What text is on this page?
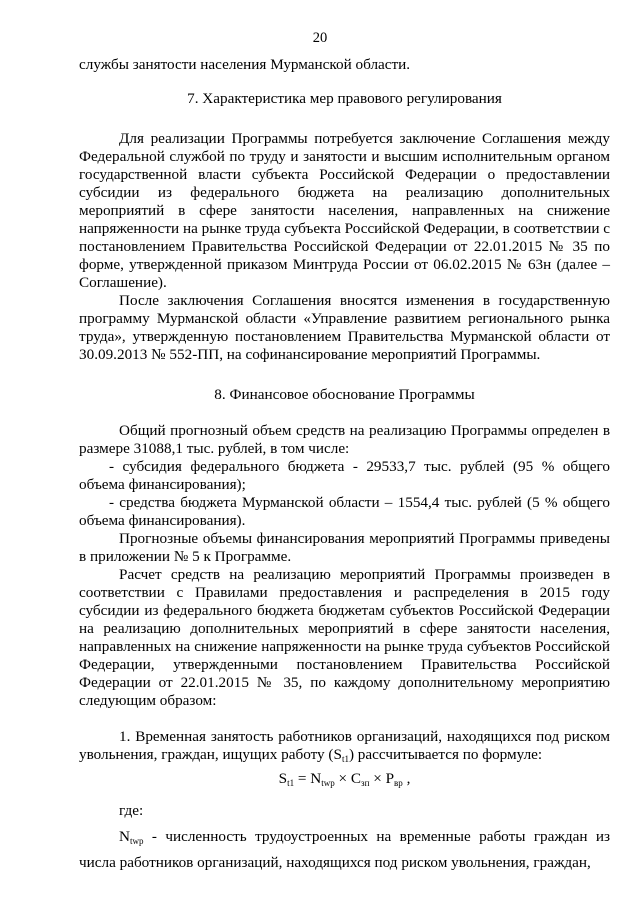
20

службы занятости населения Мурманской области.

7. Характеристика мер правового регулирования

Для реализации Программы потребуется заключение Соглашения между Федеральной службой по труду и занятости и высшим исполнительным органом государственной власти субъекта Российской Федерации о предоставлении субсидии из федерального бюджета на реализацию дополнительных мероприятий в сфере занятости населения, направленных на снижение напряженности на рынке труда субъекта Российской Федерации, в соответствии с постановлением Правительства Российской Федерации от 22.01.2015 № 35 по форме, утвержденной приказом Минтруда России от 06.02.2015 № 63н (далее – Соглашение).

После заключения Соглашения вносятся изменения в государственную программу Мурманской области «Управление развитием регионального рынка труда», утвержденную постановлением Правительства Мурманской области от 30.09.2013 № 552-ПП, на софинансирование мероприятий Программы.

8. Финансовое обоснование Программы

Общий прогнозный объем средств на реализацию Программы определен в размере 31088,1 тыс. рублей, в том числе:

- субсидия федерального бюджета - 29533,7 тыс. рублей (95 % общего объема финансирования);

- средства бюджета Мурманской области – 1554,4 тыс. рублей (5 % общего объема финансирования).

Прогнозные объемы финансирования мероприятий Программы приведены в приложении № 5 к Программе.

Расчет средств на реализацию мероприятий Программы произведен в соответствии с Правилами предоставления и распределения в 2015 году субсидии из федерального бюджета бюджетам субъектов Российской Федерации на реализацию дополнительных мероприятий в сфере занятости населения, направленных на снижение напряженности на рынке труда субъектов Российской Федерации, утвержденными постановлением Правительства Российской Федерации от 22.01.2015 № 35, по каждому дополнительному мероприятию следующим образом:

1. Временная занятость работников организаций, находящихся под риском увольнения, граждан, ищущих работу $(S_{t1})$ рассчитывается по формуле:

$S_{t1} = N_{twp} \times C_{зп} \times P_{вр}$ ,

где:

$N_{twp}$ - численность трудоустроенных на временные работы граждан из числа работников организаций, находящихся под риском увольнения, граждан,
